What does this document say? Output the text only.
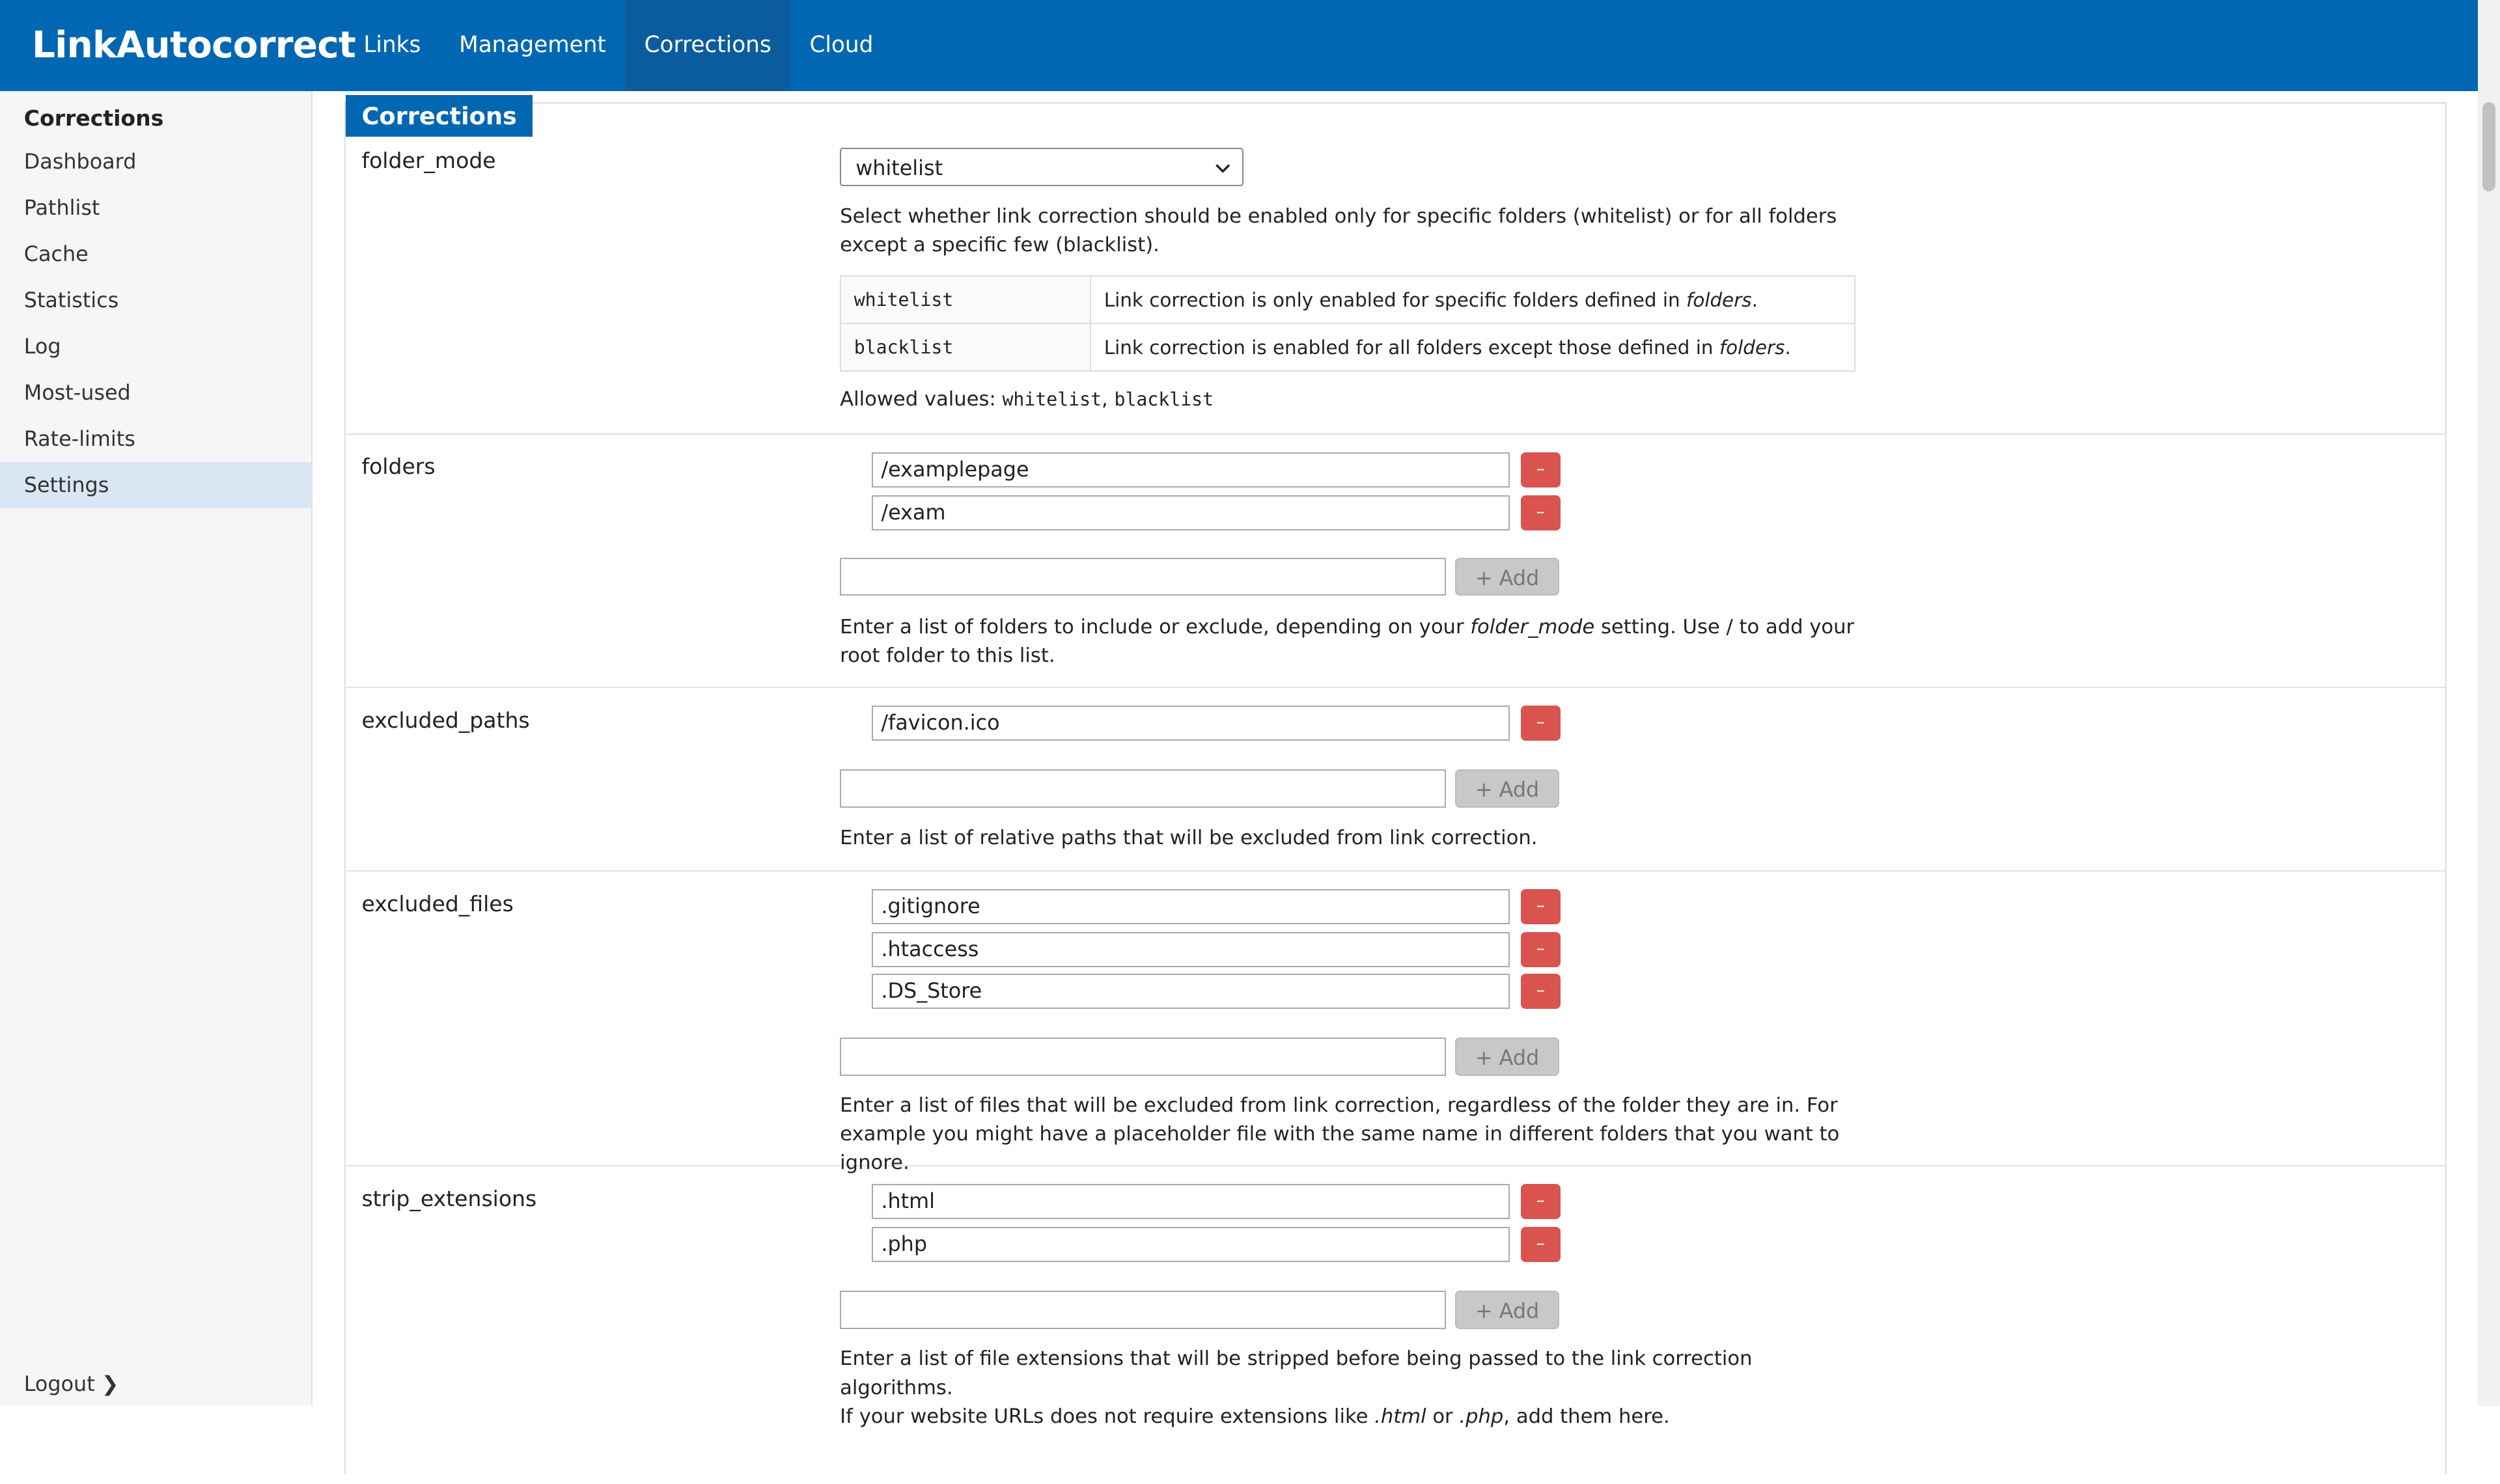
LinkAutocorrect Links	Management	Corrections	Cloud
Corrections
Dashboard
Pathlist
Cache
Statistics
Log
Most-used
Rate-limits
Settings
Logout ❯
Corrections
folder_mode	whitelist
Select whether link correction should be enabled only for specific folders (whitelist) or for all folders except a specific few (blacklist).
whitelist	Link correction is only enabled for specific folders defined in folders.
blacklist	Link correction is enabled for all folders except those defined in folders.
Allowed values: whitelist, blacklist
folders	/examplepage	–
/exam	–
+ Add
Enter a list of folders to include or exclude, depending on your folder_mode setting. Use / to add your root folder to this list.
excluded_paths	/favicon.ico	–
+ Add
Enter a list of relative paths that will be excluded from link correction.
excluded_files	.gitignore	–
.htaccess	–
.DS_Store	–
+ Add
Enter a list of files that will be excluded from link correction, regardless of the folder they are in. For example you might have a placeholder file with the same name in different folders that you want to ignore.
strip_extensions	.html	–
.php	–
+ Add
Enter a list of file extensions that will be stripped before being passed to the link correction algorithms.
If your website URLs does not require extensions like .html or .php, add them here.
